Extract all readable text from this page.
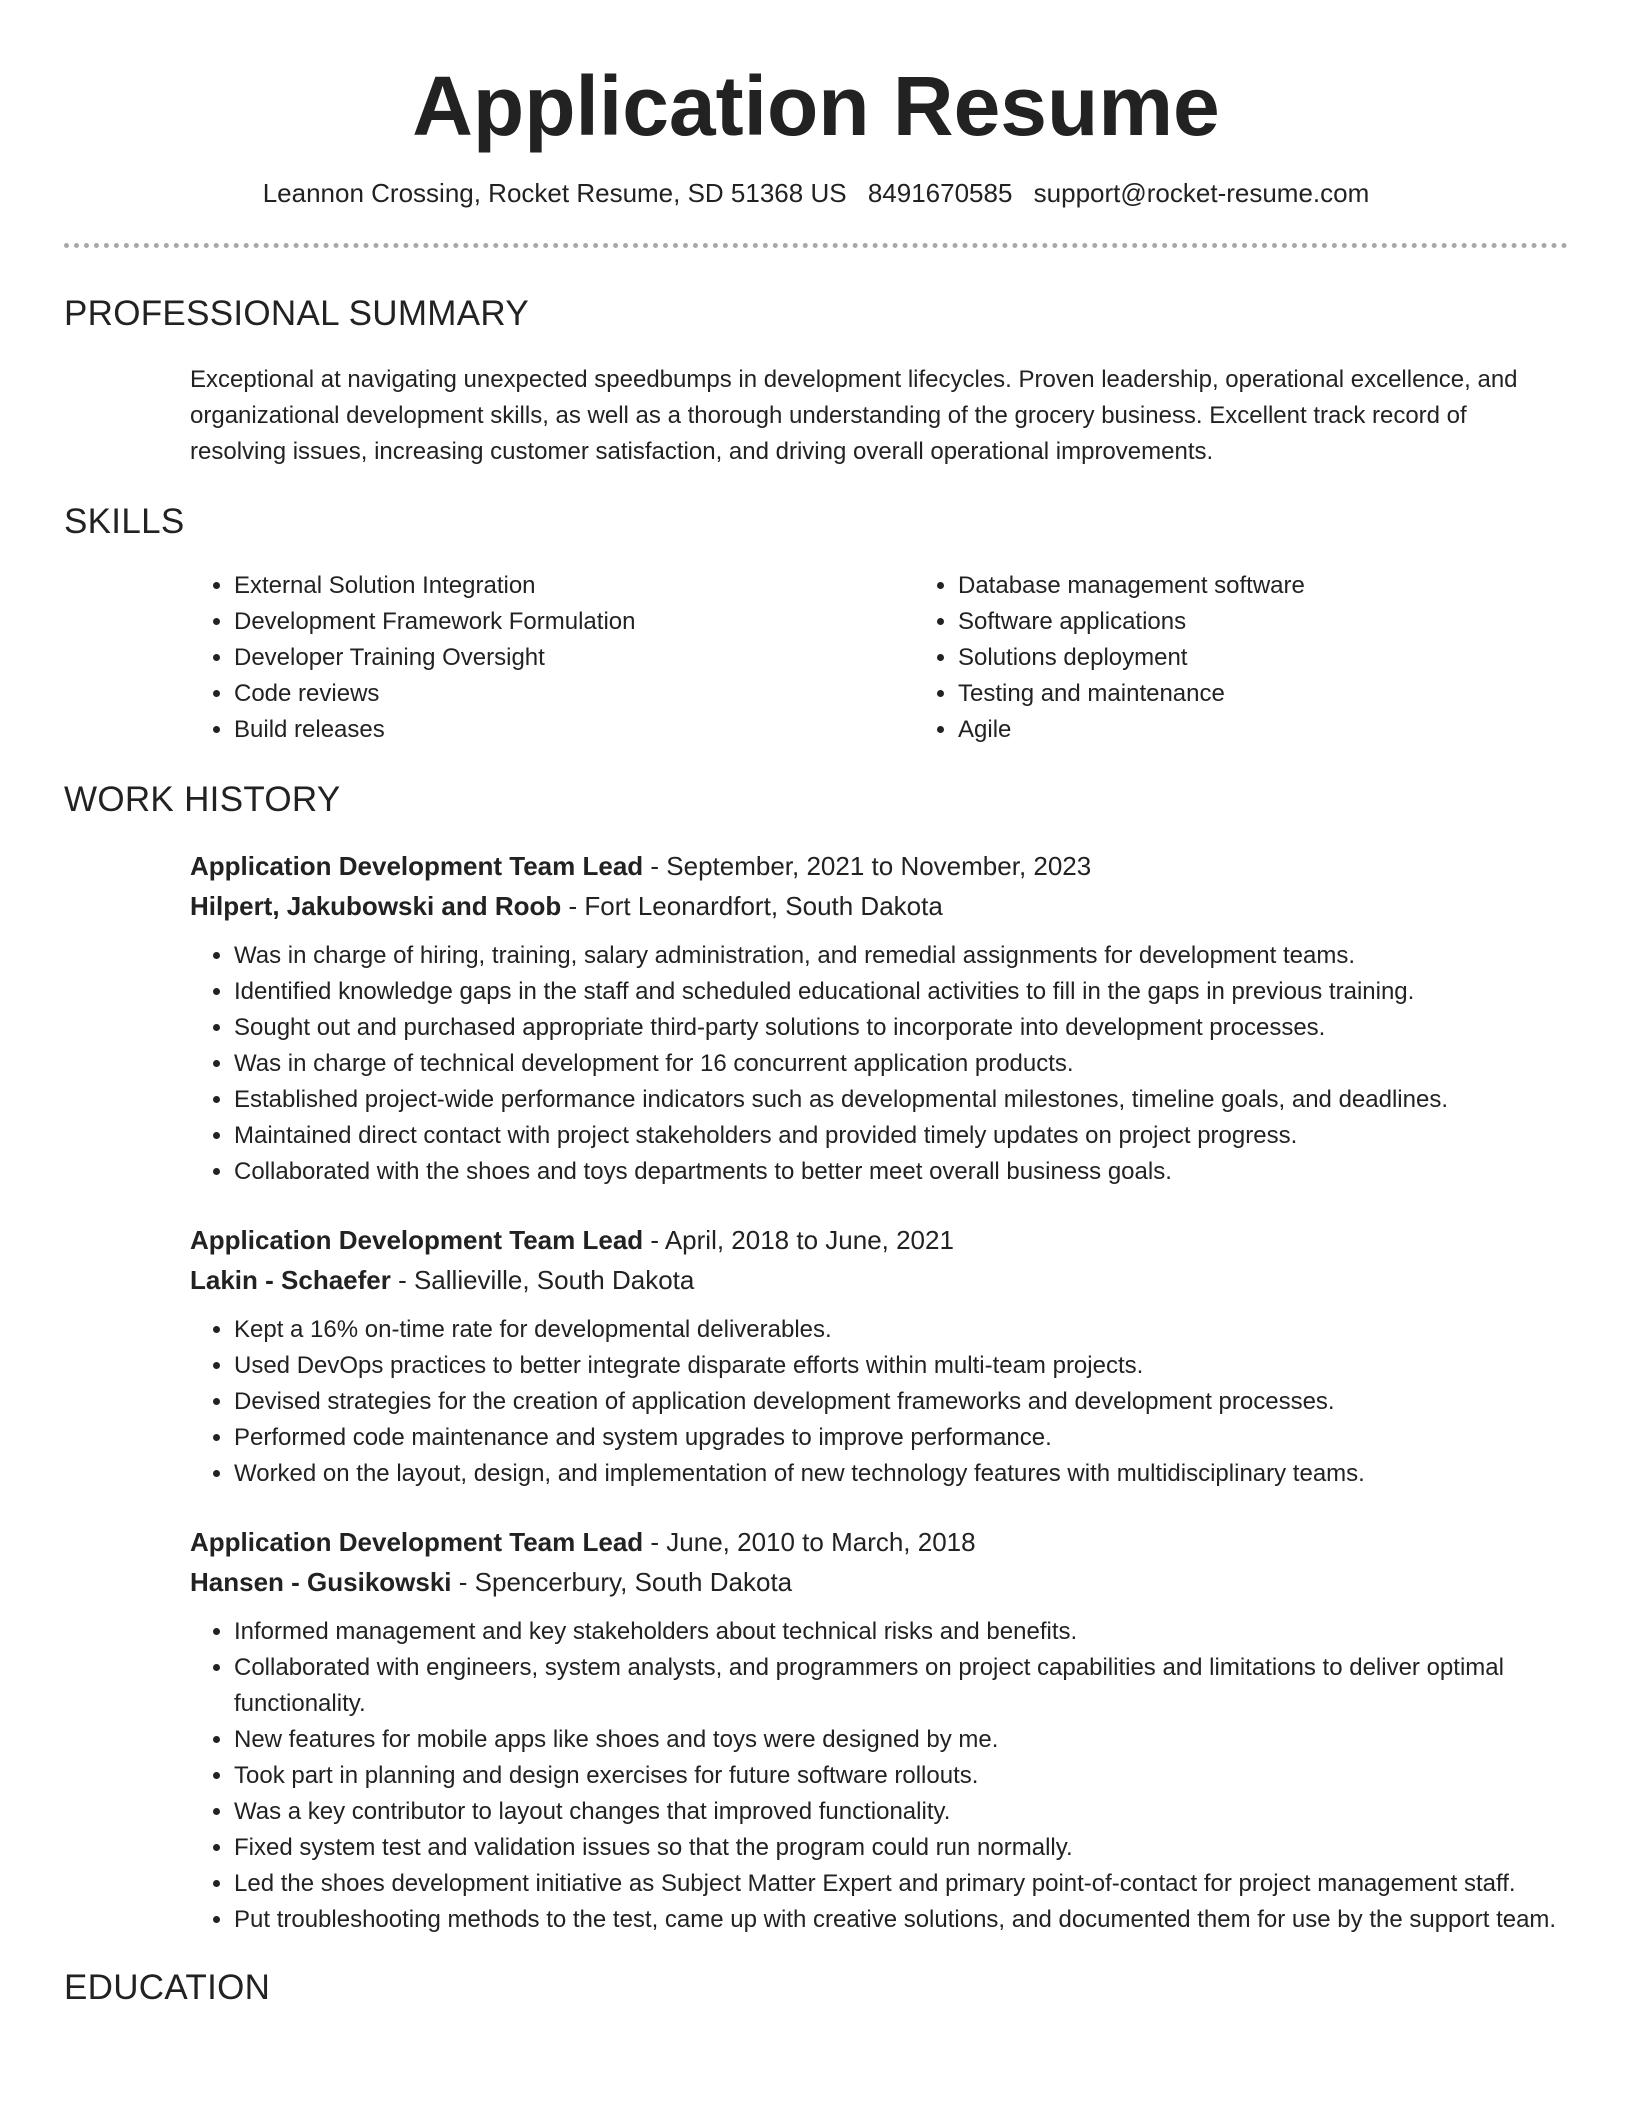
Application Resume
Leannon Crossing, Rocket Resume, SD 51368 US 8491670585 support@rocket-resume.com
PROFESSIONAL SUMMARY

Exceptional at navigating unexpected speedbumps in development lifecycles. Proven leadership, operational excellence, and organizational development skills, as well as a thorough understanding of the grocery business. Excellent track record of resolving issues, increasing customer satisfaction, and driving overall operational improvements.

SKILLS
• External Solution Integration
• Development Framework Formulation
• Developer Training Oversight
• Code reviews
• Build releases
• Database management software
• Software applications
• Solutions deployment
• Testing and maintenance
• Agile
WORK HISTORY
Application Development Team Lead - September, 2021 to November, 2023
Hilpert, Jakubowski and Roob - Fort Leonardfort, South Dakota
• Was in charge of hiring, training, salary administration, and remedial assignments for development teams.
• Identified knowledge gaps in the staff and scheduled educational activities to fill in the gaps in previous training.
• Sought out and purchased appropriate third-party solutions to incorporate into development processes.
• Was in charge of technical development for 16 concurrent application products.
• Established project-wide performance indicators such as developmental milestones, timeline goals, and deadlines.
• Maintained direct contact with project stakeholders and provided timely updates on project progress.
• Collaborated with the shoes and toys departments to better meet overall business goals.
Application Development Team Lead - April, 2018 to June, 2021
Lakin - Schaefer - Sallieville, South Dakota
• Kept a 16% on-time rate for developmental deliverables.
• Used DevOps practices to better integrate disparate efforts within multi-team projects.
• Devised strategies for the creation of application development frameworks and development processes.
• Performed code maintenance and system upgrades to improve performance.
• Worked on the layout, design, and implementation of new technology features with multidisciplinary teams.
Application Development Team Lead - June, 2010 to March, 2018
Hansen - Gusikowski - Spencerbury, South Dakota
• Informed management and key stakeholders about technical risks and benefits.
• Collaborated with engineers, system analysts, and programmers on project capabilities and limitations to deliver optimal functionality.
• New features for mobile apps like shoes and toys were designed by me.
• Took part in planning and design exercises for future software rollouts.
• Was a key contributor to layout changes that improved functionality.
• Fixed system test and validation issues so that the program could run normally.
• Led the shoes development initiative as Subject Matter Expert and primary point-of-contact for project management staff.
• Put troubleshooting methods to the test, came up with creative solutions, and documented them for use by the support team.
EDUCATION
